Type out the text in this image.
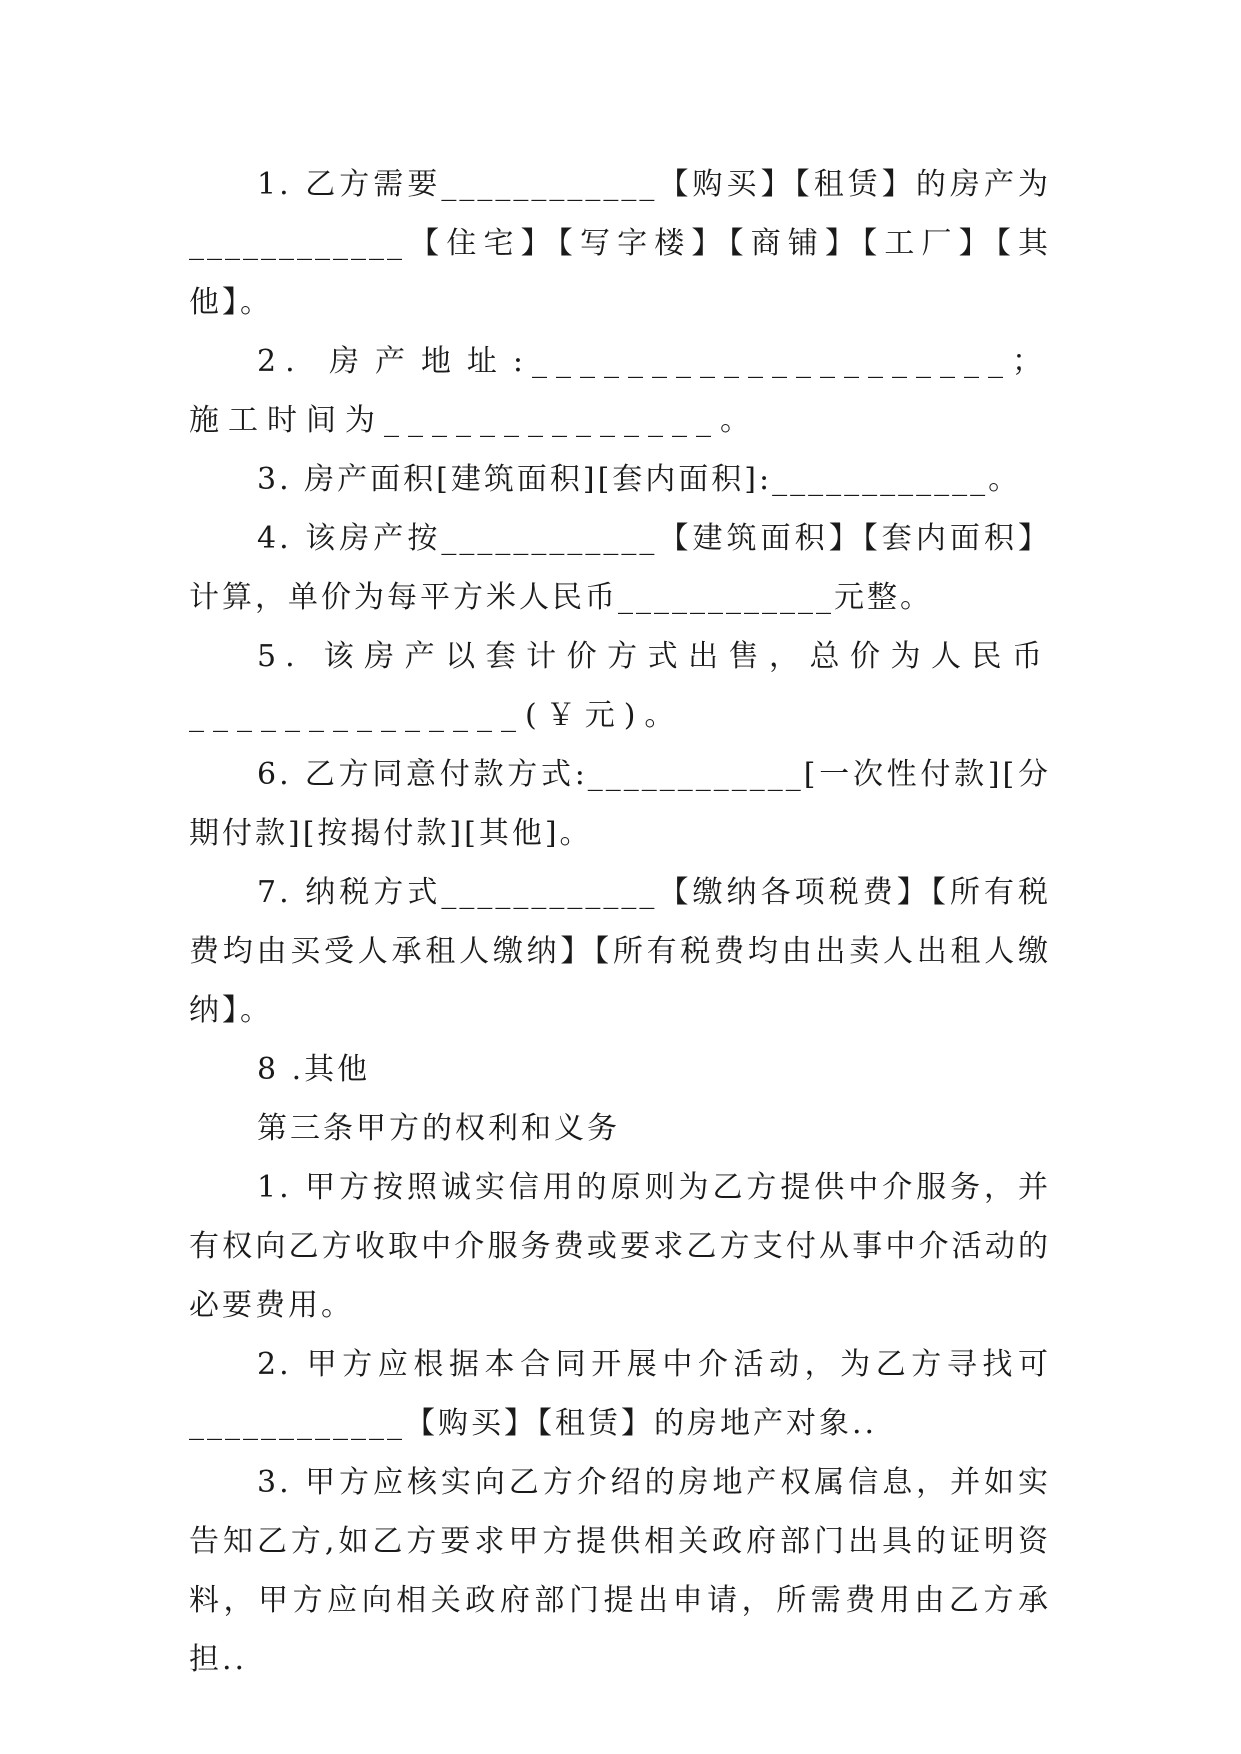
1. 乙方需要____________【购买】【租赁】的房产为____________【住宅】【写字楼】【商铺】【工厂】【其他】。

2. 房产地址:____________________；施工时间为______________。

3. 房产面积[建筑面积][套内面积]:____________。

4. 该房产按____________【建筑面积】【套内面积】计算，单价为每平方米人民币____________元整。

5. 该房产以套计价方式出售，总价为人民币______________(￥元)。

6. 乙方同意付款方式:____________[一次性付款][分期付款][按揭付款][其他]。

7. 纳税方式____________【缴纳各项税费】【所有税费均由买受人承租人缴纳】【所有税费均由出卖人出租人缴纳】。

8 .其他

第三条甲方的权利和义务

1. 甲方按照诚实信用的原则为乙方提供中介服务，并有权向乙方收取中介服务费或要求乙方支付从事中介活动的必要费用。

2. 甲方应根据本合同开展中介活动，为乙方寻找可____________【购买】【租赁】的房地产对象..

3. 甲方应核实向乙方介绍的房地产权属信息，并如实告知乙方,如乙方要求甲方提供相关政府部门出具的证明资料，甲方应向相关政府部门提出申请，所需费用由乙方承担..
